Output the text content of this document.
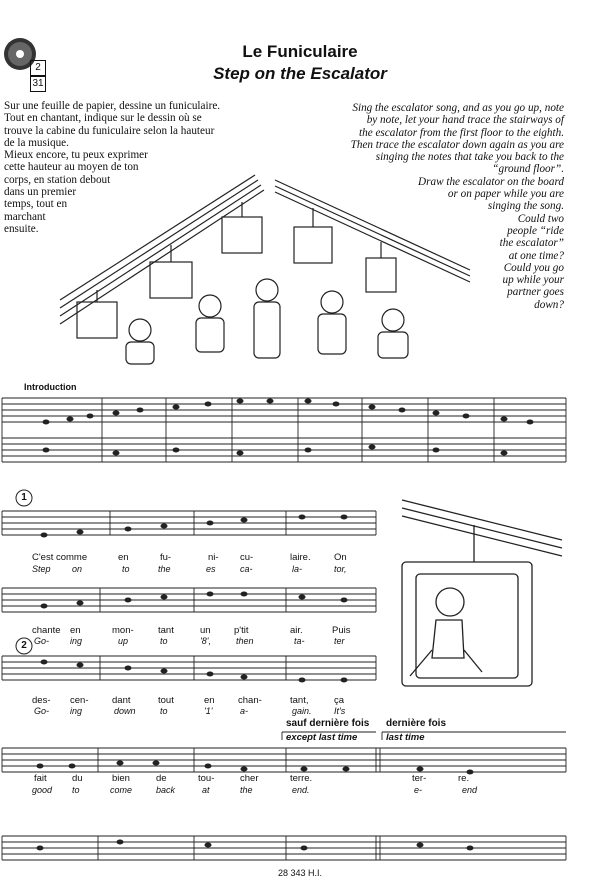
2
31
Le Funiculaire
Step on the Escalator

Sur une feuille de papier, dessine un funiculaire.

Tout en chantant, indique sur le dessin où se

trouve la cabine du funiculaire selon la hauteur

de la musique.

Mieux encore, tu peux exprimer

cette hauteur au moyen de ton

corps, en station debout

dans un premier

temps, tout en

marchant

ensuite.

Sing the escalator song, and as you go up, note

by note, let your hand trace the stairways of

the escalator from the first floor to the eighth.

Then trace the escalator down again as you are

singing the notes that take you back to the

“ground floor”.

Draw the escalator on the board

or on paper while you are

singing the song.

Could two

people “ride

the escalator”

at one time?

Could you go

up while your

partner goes

down?

Introduction
1
C'est comme	en	fu-	ni- cu-	laire. On
Step on	to	the	es	ca-	la-	tor,
chante en	mon-	tant	un p'tit	air.	Puis
Go- ing	up	to	'8',	then	ta-	ter
2
des- cen- dant	tout	en chan-	tant,	ça
Go- ing	down	to	'1'	a-	gain. It's
sauf dernière fois dernière fois
except last time	last time
fait	du	bien	de	tou-	cher	terre.	ter-	re.
good to	come	back	at	the	end.	e-	end
28 343 H.I.
